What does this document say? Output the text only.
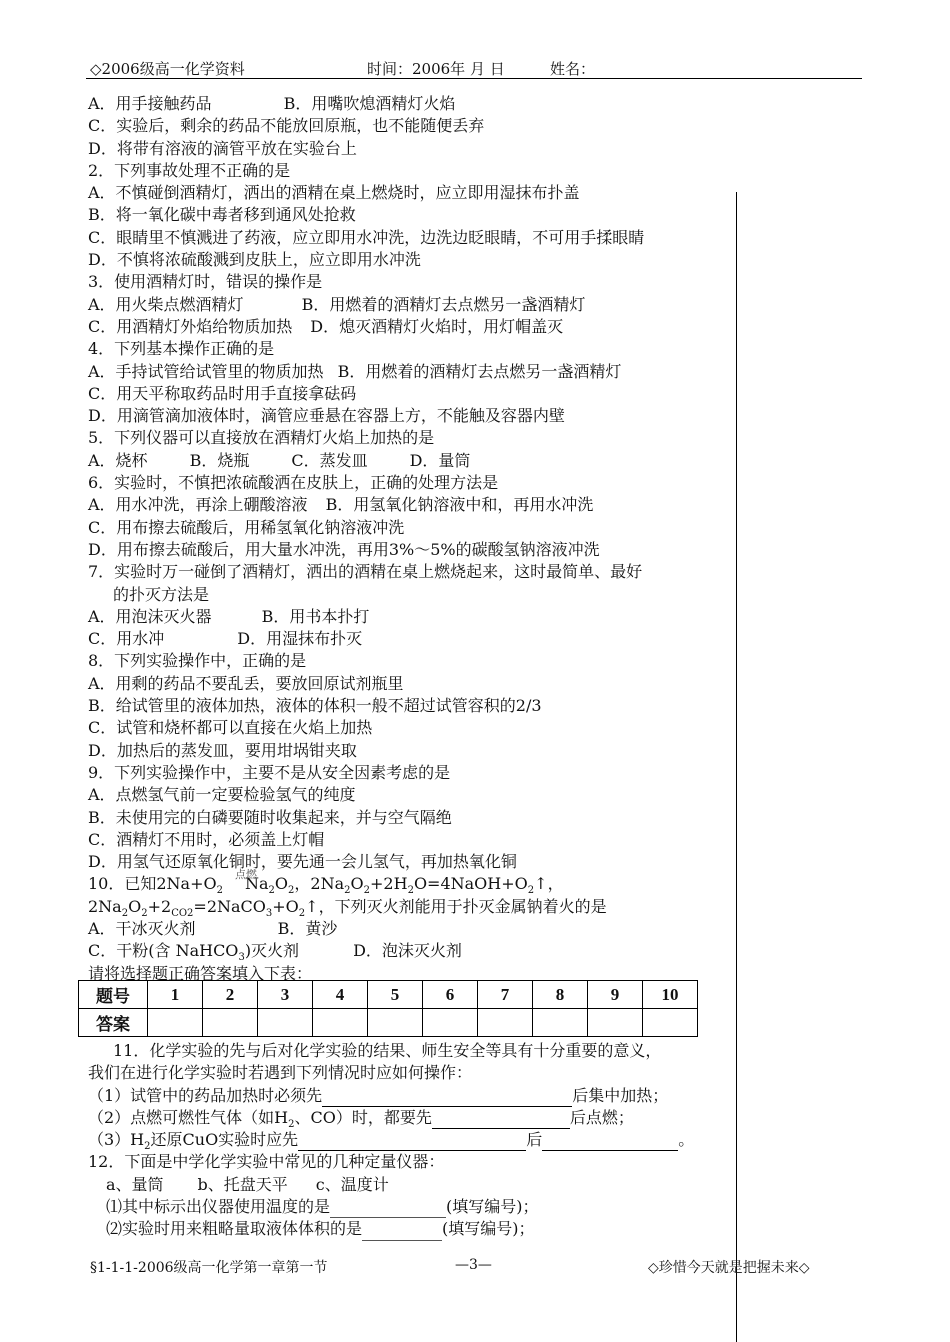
◇2006级高一化学资料	时间：2006年 月 日	姓名：
A．用手接触药品	B．用嘴吹熄酒精灯火焰
C．实验后，剩余的药品不能放回原瓶，也不能随便丢弃
D．将带有溶液的滴管平放在实验台上
2．下列事故处理不正确的是
A．不慎碰倒酒精灯，洒出的酒精在桌上燃烧时，应立即用湿抹布扑盖
B．将一氧化碳中毒者移到通风处抢救
C．眼睛里不慎溅进了药液，应立即用水冲洗，边洗边眨眼睛，不可用手揉眼睛
D．不慎将浓硫酸溅到皮肤上，应立即用水冲洗
3．使用酒精灯时，错误的操作是
A．用火柴点燃酒精灯	B．用燃着的酒精灯去点燃另一盏酒精灯
C．用酒精灯外焰给物质加热 D．熄灭酒精灯火焰时，用灯帽盖灭
4．下列基本操作正确的是
A．手持试管给试管里的物质加热 B．用燃着的酒精灯去点燃另一盏酒精灯
C．用天平称取药品时用手直接拿砝码
D．用滴管滴加液体时，滴管应垂悬在容器上方，不能触及容器内壁
5．下列仪器可以直接放在酒精灯火焰上加热的是
A．烧杯	B．烧瓶	C．蒸发皿	D．量筒
6．实验时，不慎把浓硫酸洒在皮肤上，正确的处理方法是
A．用水冲洗，再涂上硼酸溶液 B．用氢氧化钠溶液中和，再用水冲洗
C．用布擦去硫酸后，用稀氢氧化钠溶液冲洗
D．用布擦去硫酸后，用大量水冲洗，再用3%～5%的碳酸氢钠溶液冲洗
7．实验时万一碰倒了酒精灯，洒出的酒精在桌上燃烧起来，这时最简单、最好
的扑灭方法是
A．用泡沫灭火器	B．用书本扑打
C．用水冲	D．用湿抹布扑灭
8．下列实验操作中，正确的是
A．用剩的药品不要乱丢，要放回原试剂瓶里
B．给试管里的液体加热，液体的体积一般不超过试管容积的2/3
C．试管和烧杯都可以直接在火焰上加热
D．加热后的蒸发皿，要用坩埚钳夹取
9．下列实验操作中，主要不是从安全因素考虑的是
A．点燃氢气前一定要检验氢气的纯度
B．未使用完的白磷要随时收集起来，并与空气隔绝
C．酒精灯不用时，必须盖上灯帽
D．用氢气还原氧化铜时，要先通一会儿氢气，再加热氧化铜
10．已知$2Na+O_2$ $Na_2O_2$，$2Na_2O_2+2H_2O=4NaOH+O_2↑$，
$2Na_2O_2+2_{CO2}=2NaCO_3+O_2↑$，下列灭火剂能用于扑灭金属钠着火的是
A．干冰灭火剂	B．黄沙
C．干粉(含 NaHCO$_3$)灭火剂	D．泡沫灭火剂
请将选择题正确答案填入下表：
点燃
题号	1	2	3	4	5	6	7	8	9	10
答案										
11．化学实验的先与后对化学实验的结果、师生安全等具有十分重要的意义，
我们在进行化学实验时若遇到下列情况时应如何操作：
（1）试管中的药品加热时必须先	后集中加热；
（2）点燃可燃性气体（如$H_2$、CO）时，都要先	后点燃；
$(3)H_2$还原CuO实验时应先	后	。
12．下面是中学化学实验中常见的几种定量仪器：
a、量筒 b、托盘天平 c、温度计
⑴其中标示出仪器使用温度的是	(填写编号)；
⑵实验时用来粗略量取液体体积的是	(填写编号)；
§1-1-1-2006级高一化学第一章第一节	—3—	◇珍惜今天就是把握未来◇
